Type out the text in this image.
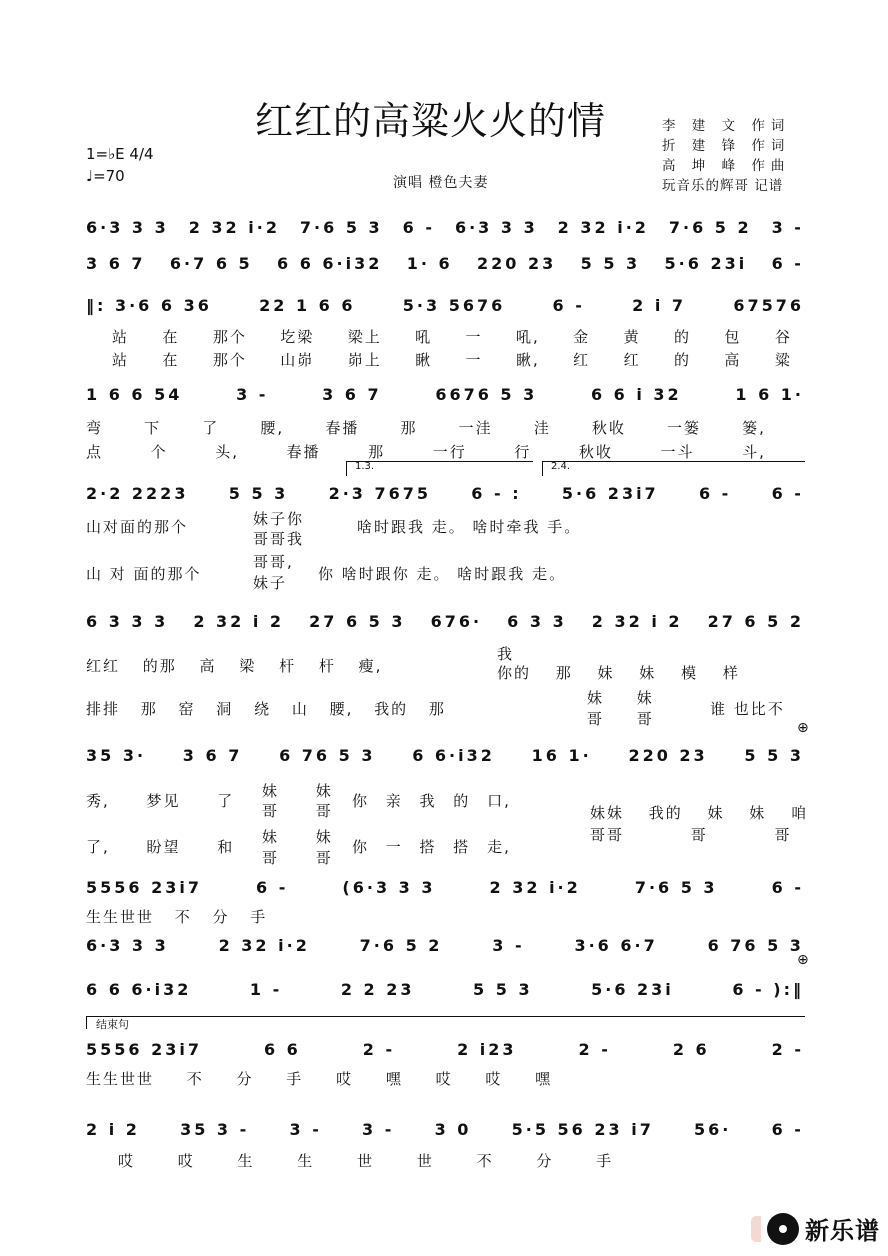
红红的高粱火火的情	李 建 文 作词
折 建 锋 作词
高 坤 峰 作曲
玩音乐的辉哥 记谱
1=♭E 4/4
♩=70	演唱 橙色夫妻
6·3 3 3 2 32 i·2 7·6 5 3 6 - 6·3 3 3 2 32 i·2 7·6 5 2 3 -
3 6 7 6·7 6 5 6 6 6·i32 1· 6 220 23 5 5 3 5·6 23i 6 -
‖: 3·6 6 36	22 1 6 6	5·3 5676	6 -	2 i 7	67576
站 在 那个 圪梁 梁上 吼 一 吼, 金 黄 的 包 谷
站 在 那个 山峁 峁上 瞅 一 瞅, 红 红 的 高 粱
1 6 6 54	3 -	3 6 7	6676 5 3	6 6 i 32	1 6 1·
弯	下	了	腰,	春播	那	一洼	洼	秋收	一篓	篓,
点	个	头,	春播	那	一行	行	秋收	一斗	斗,
1.3.	2.4.
2·2 2223	5 5 3	2·3 7675	6 - :	5·6 23i7	6 -	6 -
山对面的那个	妹子你
哥哥我
啥时跟我 走。 啥时牵我 手。
山 对 面的那个
哥哥,
妹子 你 啥时跟你 走。 啥时跟我 走。
6 3 3 3 2 32 i 2 27 6 5 3 676· 6 3 3 2 32 i 2 27 6 5 2
红红 的那 高 梁 杆 杆 瘦,
我
你的 那 妹 妹 模 样
排排 那 窑 洞 绕 山 腰, 我的 那
妹 妹
哥 哥
谁 也比不
⊕
35 3· 3 6 7 6 76 5 3 6 6·i32 16 1· 220 23 5 5 3
秀, 梦见 了
妹 妹
哥 哥
你 亲 我 的 口,
了, 盼望 和
妹 妹
哥 哥
你 一 搭 搭 走,
妹妹 我的 妹 妹 咱
哥哥 哥 哥
5556 23i7	6 -	(6·3 3 3	2 32 i·2	7·6 5 3	6 -
生生世世 不 分 手
6·3 3 3	2 32 i·2	7·6 5 2	3 -	3·6 6·7	6 76 5 3
⊕
6 6 6·i32	1 -	2 2 23	5 5 3	5·6 23i	6 - ):‖
结束句
5556 23i7	6 6	2 -	2 i23	2 -	2 6	2 -
生生世世 不 分 手 哎 嘿 哎 哎 嘿
2 i 2	35 3 -	3 -	3 -	3 0	5·5 56 23 i7	56·	6 -
哎 哎 生 生 世 世 不 分 手
新乐谱
